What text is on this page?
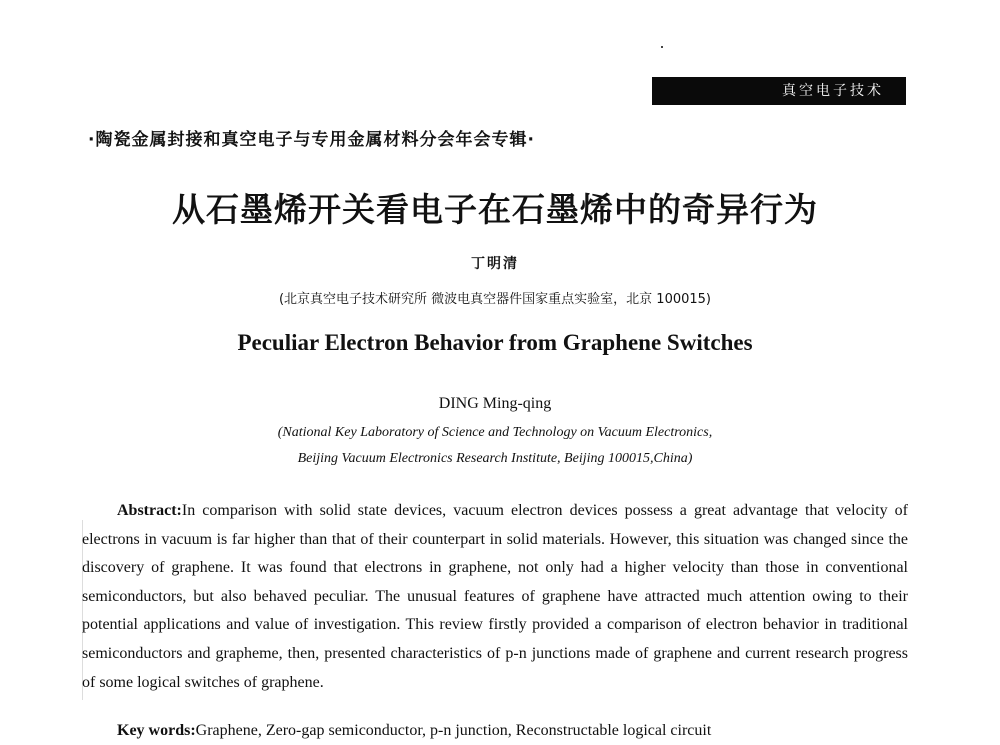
真空电子技术
·陶瓷金属封接和真空电子与专用金属材料分会年会专辑·
从石墨烯开关看电子在石墨烯中的奇异行为
丁明清
(北京真空电子技术研究所 微波电真空器件国家重点实验室，北京 100015)
Peculiar Electron Behavior from Graphene Switches
DING Ming-qing
(National Key Laboratory of Science and Technology on Vacuum Electronics,
Beijing Vacuum Electronics Research Institute, Beijing 100015,China)

Abstract:In comparison with solid state devices, vacuum electron devices possess a great advantage that velocity of electrons in vacuum is far higher than that of their counterpart in solid materials. However, this situation was changed since the discovery of graphene. It was found that electrons in graphene, not only had a higher velocity than those in conventional semiconductors, but also behaved peculiar. The unusual features of graphene have attracted much attention owing to their potential applications and value of investigation. This review firstly provided a comparison of electron behavior in traditional semiconductors and grapheme, then, presented characteristics of p-n junctions made of graphene and current research progress of some logical switches of graphene.

Key words:Graphene, Zero-gap semiconductor, p-n junction, Reconstructable logical circuit
